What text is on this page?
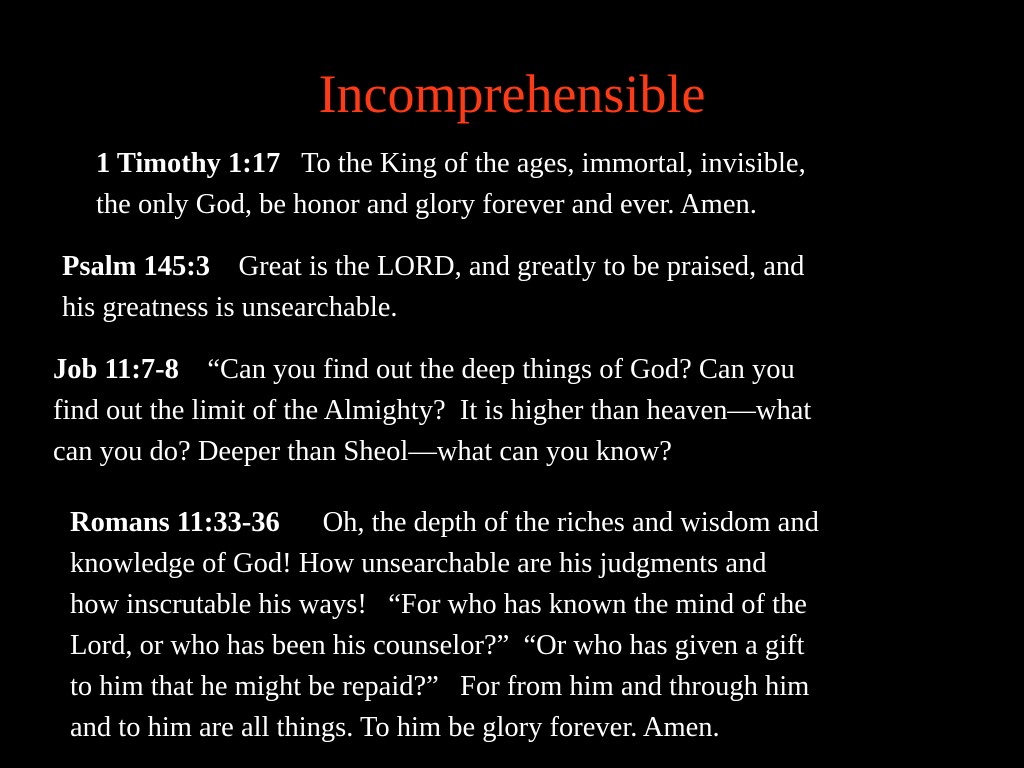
Incomprehensible

1 Timothy 1:17 To the King of the ages, immortal, invisible,
the only God, be honor and glory forever and ever. Amen.

Psalm 145:3 Great is the LORD, and greatly to be praised, and
his greatness is unsearchable.

Job 11:7-8 “Can you find out the deep things of God? Can you
find out the limit of the Almighty?  It is higher than heaven—what
can you do? Deeper than Sheol—what can you know?

Romans 11:33-36 Oh, the depth of the riches and wisdom and
knowledge of God! How unsearchable are his judgments and
how inscrutable his ways!   “For who has known the mind of the
Lord, or who has been his counselor?”  “Or who has given a gift
to him that he might be repaid?”   For from him and through him
and to him are all things. To him be glory forever. Amen.
